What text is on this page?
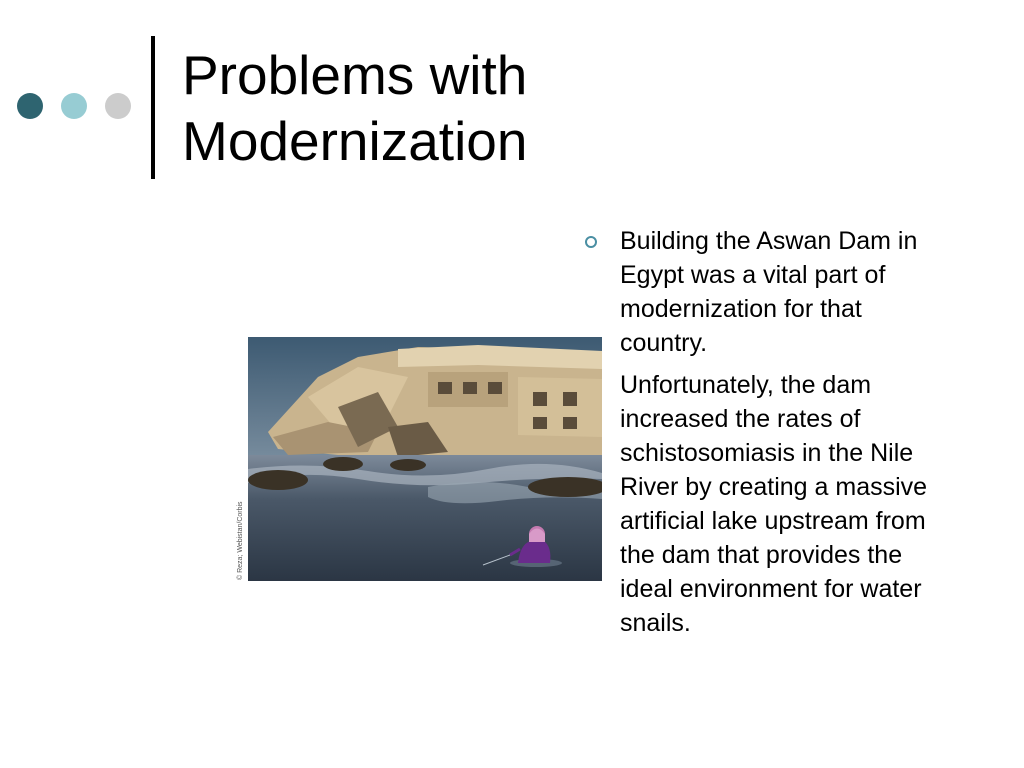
Problems with Modernization
© Reza; Webistan/Corbis
Building the Aswan Dam in Egypt was a vital part of modernization for that country.
Unfortunately, the dam increased the rates of schistosomiasis in the Nile River by creating a massive artificial lake upstream from the dam that provides the ideal environment for water snails.
